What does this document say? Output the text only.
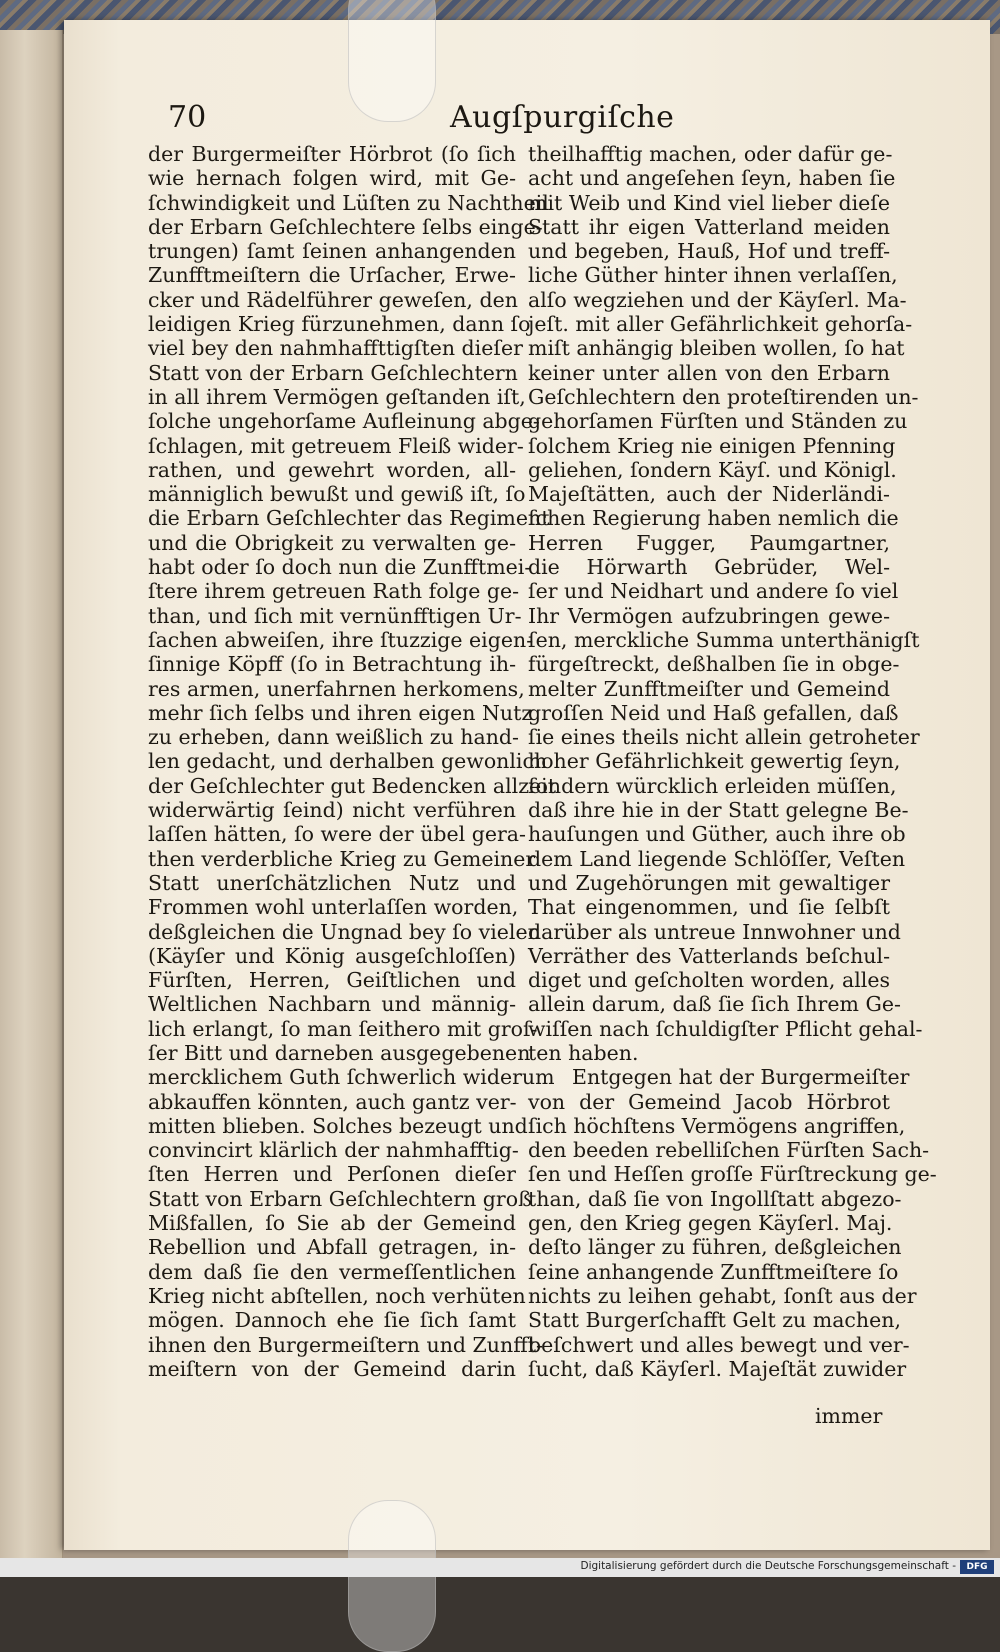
70	Augſpurgiſche
der Burgermeiſter Hörbrot (ſo ſich
wie hernach folgen wird, mit Ge-
ſchwindigkeit und Lüſten zu Nachtheil
der Erbarn Geſchlechtere ſelbs einge-
trungen) ſamt ſeinen anhangenden
Zunfftmeiſtern die Urſacher, Erwe-
cker und Rädelführer geweſen, den
leidigen Krieg fürzunehmen, dann ſo
viel bey den nahmhaffttigſten dieſer
Statt von der Erbarn Geſchlechtern
in all ihrem Vermögen geſtanden iſt,
ſolche ungehorſame Aufleinung abge-
ſchlagen, mit getreuem Fleiß wider-
rathen, und gewehrt worden, all-
männiglich bewußt und gewiß iſt, ſo
die Erbarn Geſchlechter das Regiment
und die Obrigkeit zu verwalten ge-
habt oder ſo doch nun die Zunfftmei-
ſtere ihrem getreuen Rath folge ge-
than, und ſich mit vernünfftigen Ur-
ſachen abweiſen, ihre ſtuzzige eigen-
ſinnige Köpff (ſo in Betrachtung ih-
res armen, unerfahrnen herkomens,
mehr ſich ſelbs und ihren eigen Nutz
zu erheben, dann weißlich zu hand-
len gedacht, und derhalben gewonlich
der Geſchlechter gut Bedencken allzeit
widerwärtig ſeind) nicht verführen
laſſen hätten, ſo were der übel gera-
then verderbliche Krieg zu Gemeiner
Statt unerſchätzlichen Nutz und
Frommen wohl unterlaſſen worden,
deßgleichen die Ungnad bey ſo vielen
(Käyſer und König ausgeſchloſſen)
Fürſten, Herren, Geiſtlichen und
Weltlichen Nachbarn und männig-
lich erlangt, ſo man ſeithero mit groſ-
ſer Bitt und darneben ausgegebenen
mercklichem Guth ſchwerlich widerum
abkauffen könnten, auch gantz ver-
mitten blieben. Solches bezeugt und
convincirt klärlich der nahmhafftig-
ſten Herren und Perſonen dieſer
Statt von Erbarn Geſchlechtern groß
Mißfallen, ſo Sie ab der Gemeind
Rebellion und Abfall getragen, in-
dem daß ſie den vermeſſentlichen
Krieg nicht abſtellen, noch verhüten
mögen. Dannoch ehe ſie ſich ſamt
ihnen den Burgermeiſtern und Zunfft-
meiſtern von der Gemeind darin
theilhafftig machen, oder dafür ge-
acht und angeſehen ſeyn, haben ſie
mit Weib und Kind viel lieber dieſe
Statt ihr eigen Vatterland meiden
und begeben, Hauß, Hof und treff-
liche Güther hinter ihnen verlaſſen,
alſo wegziehen und der Käyſerl. Ma-
jeſt. mit aller Gefährlichkeit gehorſa-
miſt anhängig bleiben wollen, ſo hat
keiner unter allen von den Erbarn
Geſchlechtern den proteſtirenden un-
gehorſamen Fürſten und Ständen zu
ſolchem Krieg nie einigen Pfenning
geliehen, ſondern Käyſ. und Königl.
Majeſtätten, auch der Niderländi-
ſchen Regierung haben nemlich die
Herren Fugger, Paumgartner,
die Hörwarth Gebrüder, Wel-
ſer und Neidhart und andere ſo viel
Ihr Vermögen aufzubringen gewe-
ſen, merckliche Summa unterthänigſt
fürgeſtreckt, deßhalben ſie in obge-
melter Zunfftmeiſter und Gemeind
groſſen Neid und Haß gefallen, daß
ſie eines theils nicht allein getroheter
hoher Gefährlichkeit gewertig ſeyn,
ſondern würcklich erleiden müſſen,
daß ihre hie in der Statt gelegne Be-
hauſungen und Güther, auch ihre ob
dem Land liegende Schlöſſer, Veſten
und Zugehörungen mit gewaltiger
That eingenommen, und ſie ſelbſt
darüber als untreue Innwohner und
Verräther des Vatterlands beſchul-
diget und geſcholten worden, alles
allein darum, daß ſie ſich Ihrem Ge-
wiſſen nach ſchuldigſter Pflicht gehal-
ten haben.
Entgegen hat der Burgermeiſter
von der Gemeind Jacob Hörbrot
ſich höchſtens Vermögens angriffen,
den beeden rebelliſchen Fürſten Sach-
ſen und Heſſen groſſe Fürſtreckung ge-
than, daß ſie von Ingollſtatt abgezo-
gen, den Krieg gegen Käyſerl. Maj.
deſto länger zu führen, deßgleichen
ſeine anhangende Zunfftmeiſtere ſo
nichts zu leihen gehabt, ſonſt aus der
Statt Burgerſchafft Gelt zu machen,
beſchwert und alles bewegt und ver-
ſucht, daß Käyſerl. Majeſtät zuwider
immer
Digitalisierung gefördert durch die Deutsche Forschungsgemeinschaft -	DFG
